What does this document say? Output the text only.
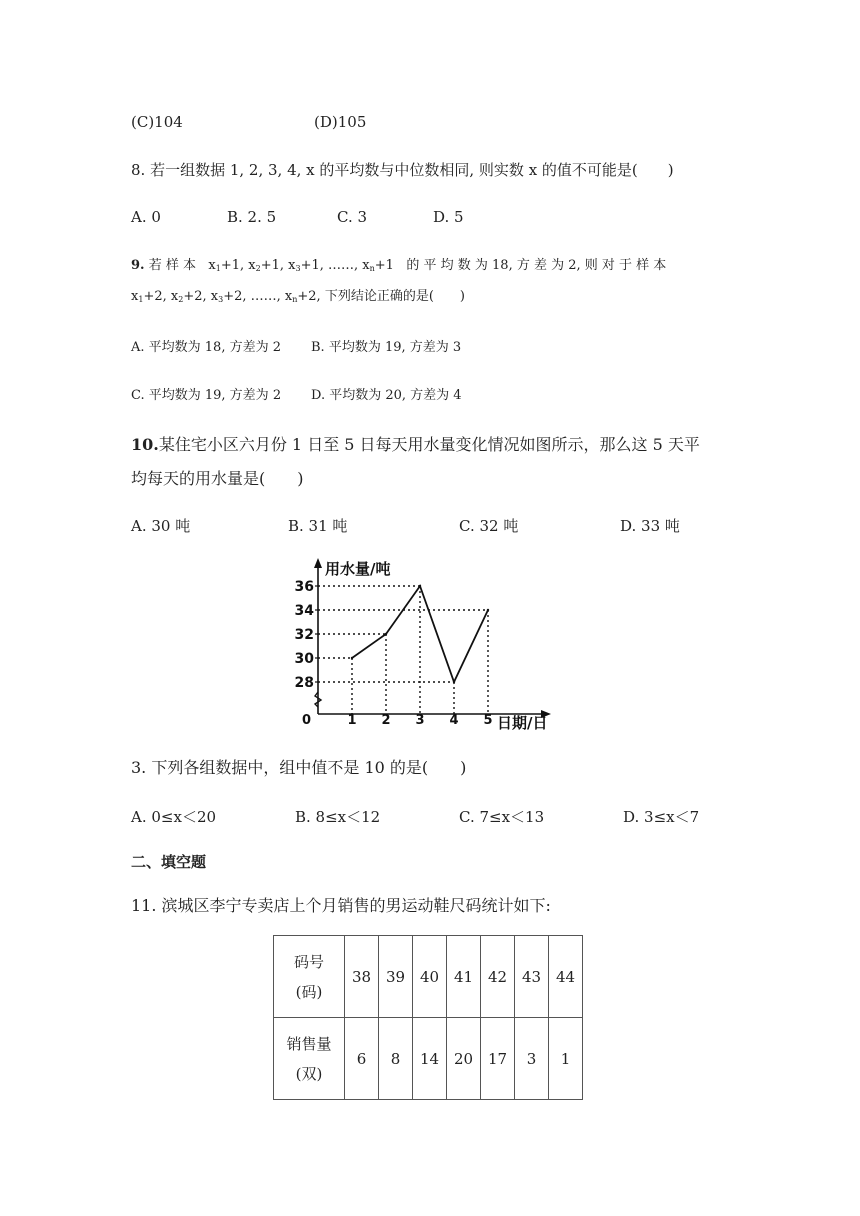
(C)104	(D)105
8. 若一组数据 1, 2, 3, 4, x 的平均数与中位数相同, 则实数 x 的值不可能是(　　)
A. 0	B. 2. 5	C. 3	D. 5
9. 若 样 本 $x_1+1$, $x_2+1$, $x_3+1$, ……, $x_n+1$ 的 平 均 数 为 18, 方 差 为 2, 则 对 于 样 本
$x_1+2$, $x_2+2$, $x_3+2$, ……, $x_n+2$, 下列结论正确的是(　　)
A. 平均数为 18, 方差为 2 B. 平均数为 19, 方差为 3
C. 平均数为 19, 方差为 2 D. 平均数为 20, 方差为 4
10.某住宅小区六月份 1 日至 5 日每天用水量变化情况如图所示，那么这 5 天平
均每天的用水量是(　　)
A. 30 吨	B. 31 吨	C. 32 吨	D. 33 吨
0
用水量/吨
日期/日
1 2 3 4 5
28
30
32
34
36
3. 下列各组数据中，组中值不是 10 的是(　　)
A. 0≤x＜20	B. 8≤x＜12	C. 7≤x＜13	D. 3≤x＜7
二、填空题
11. 滨城区李宁专卖店上个月销售的男运动鞋尺码统计如下:
码号
(码)	38	39	40	41	42	43	44

销售量
(双)	6	8	14	20	17	3	1
